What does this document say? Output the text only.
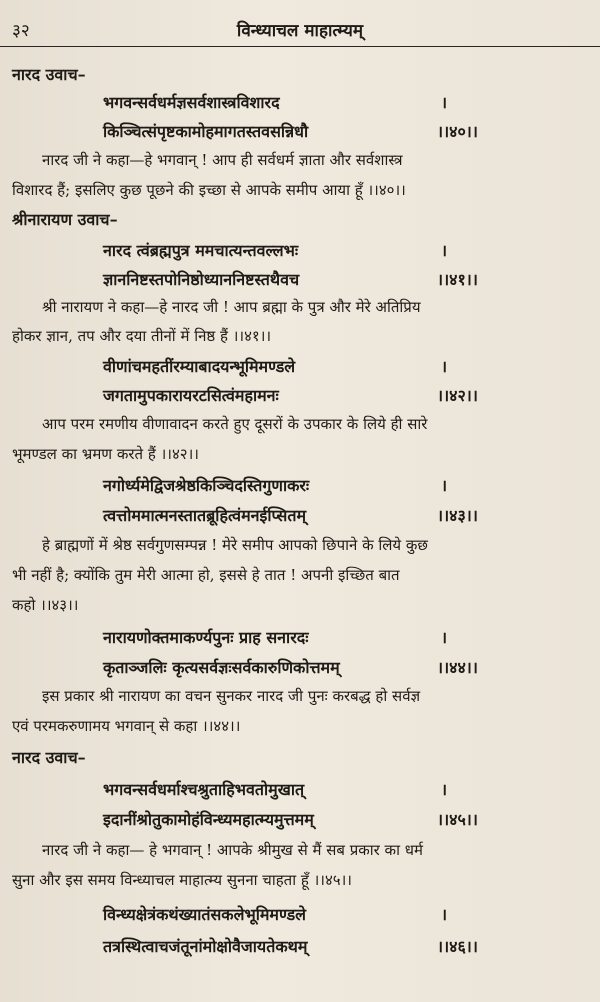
३२	विन्ध्याचल माहात्म्यम्
नारद उवाच–
भगवन्सर्वधर्मज्ञसर्वशास्त्रविशारद	।
किञ्चित्संपृष्टकामोहमागतस्तवसन्निधौ	।।४०।।
नारद जी ने कहा—हे भगवान् ! आप ही सर्वधर्म ज्ञाता और सर्वशास्त्र
विशारद हैं; इसलिए कुछ पूछने की इच्छा से आपके समीप आया हूँ ।।४०।।
श्रीनारायण उवाच–
नारद त्वंब्रह्मपुत्र ममचात्यन्तवल्लभः	।
ज्ञाननिष्टस्तपोनिष्ठोध्याननिष्टस्तथैवच	।।४१।।
श्री नारायण ने कहा—हे नारद जी ! आप ब्रह्मा के पुत्र और मेरे अतिप्रिय
होकर ज्ञान, तप और दया तीनों में निष्ठ हैं ।।४१।।
वीणांचमहतींरम्याबादयन्भूमिमण्डले	।
जगतामुपकारायरटसित्वंमहामनः	।।४२।।
आप परम रमणीय वीणावादन करते हुए दूसरों के उपकार के लिये ही सारे
भूमण्डल का भ्रमण करते हैं ।।४२।।
नगोर्ध्यमेद्विजश्रेष्ठकिञ्चिदस्तिगुणाकरः	।
त्वत्तोममात्मनस्तातब्रूहित्वंमनईप्सितम्	।।४३।।
हे ब्राह्मणों में श्रेष्ठ सर्वगुणसम्पन्न ! मेरे समीप आपको छिपाने के लिये कुछ
भी नहीं है; क्योंकि तुम मेरी आत्मा हो, इससे हे तात ! अपनी इच्छित बात
कहो ।।४३।।
नारायणोक्तमाकर्ण्यपुनः प्राह सनारदः	।
कृताञ्जलिः कृत्यसर्वज्ञःसर्वकारुणिकोत्तमम्	।।४४।।
इस प्रकार श्री नारायण का वचन सुनकर नारद जी पुनः करबद्ध हो सर्वज्ञ
एवं परमकरुणामय भगवान् से कहा ।।४४।।
नारद उवाच–
भगवन्सर्वधर्माश्चश्रुताहिभवतोमुखात्	।
इदानींश्रोतुकामोहंविन्ध्यमहात्म्यमुत्तमम्	।।४५।।
नारद जी ने कहा— हे भगवान् ! आपके श्रीमुख से मैं सब प्रकार का धर्म
सुना और इस समय विन्ध्याचल माहात्म्य सुनना चाहता हूँ ।।४५।।
विन्ध्यक्षेत्रंकथंख्यातंसकलेभूमिमण्डले	।
तत्रस्थित्वाचजंतूनांमोक्षोवैजायतेकथम्	।।४६।।
